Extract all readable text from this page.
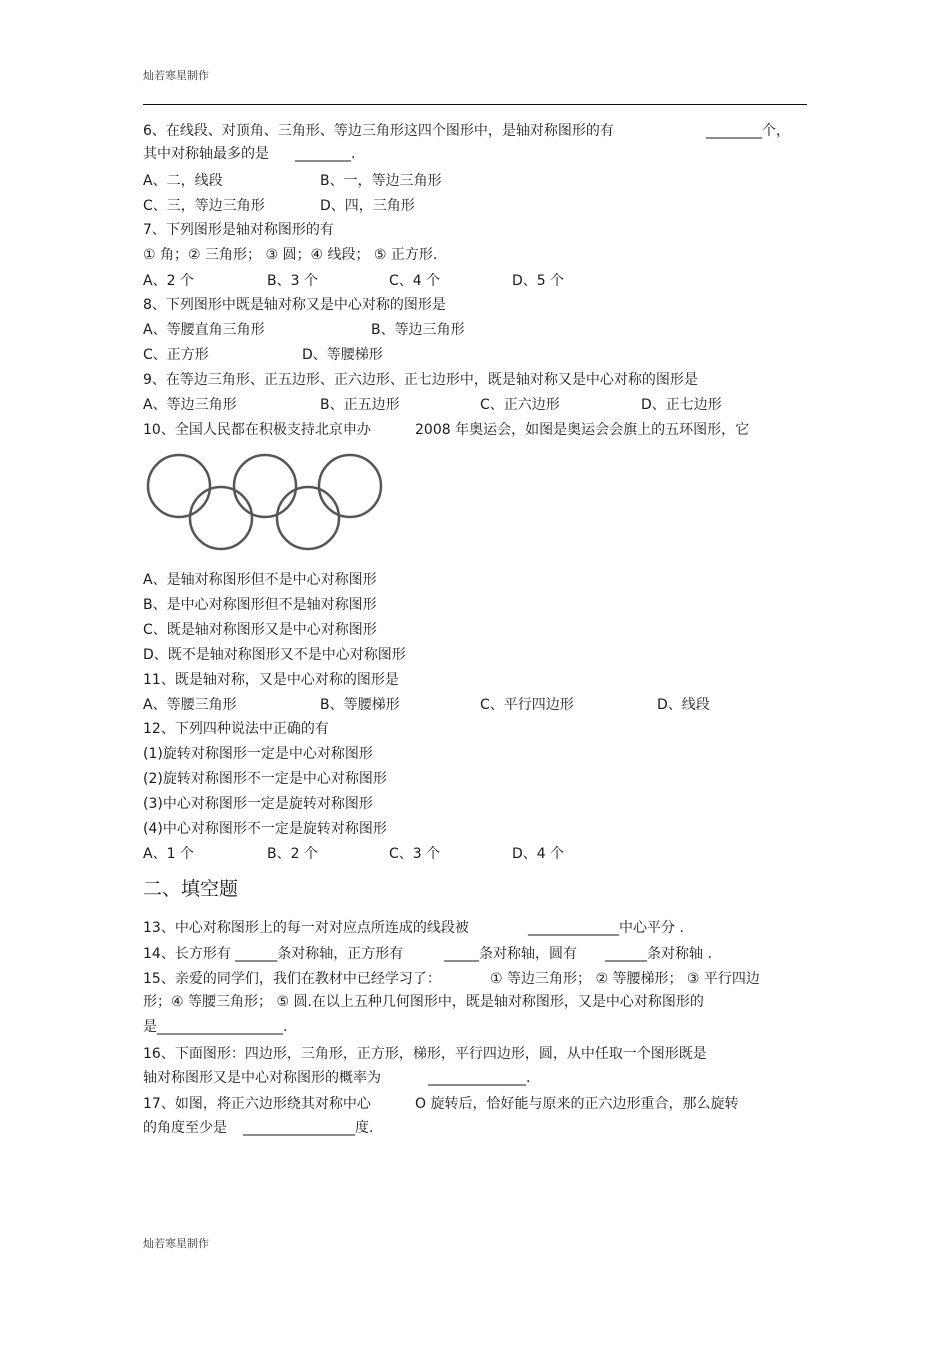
灿若寒星制作
6、在线段、对顶角、三角形、等边三角形这四个图形中，是轴对称图形的有	________个，
其中对称轴最多的是 ________.
A、二，线段	B、一，等边三角形
C、三，等边三角形	D、四，三角形
7、下列图形是轴对称图形的有
① 角；② 三角形； ③ 圆；④ 线段； ⑤ 正方形.
A、2 个	B、3 个	C、4 个	D、5 个
8、下列图形中既是轴对称又是中心对称的图形是
A、等腰直角三角形	B、等边三角形
C、正方形	D、等腰梯形
9、在等边三角形、正五边形、正六边形、正七边形中，既是轴对称又是中心对称的图形是
A、等边三角形	B、正五边形	C、正六边形	D、正七边形
10、全国人民都在积极支持北京申办	2008 年奥运会，如图是奥运会会旗上的五环图形，它
A、是轴对称图形但不是中心对称图形
B、是中心对称图形但不是轴对称图形
C、既是轴对称图形又是中心对称图形
D、既不是轴对称图形又不是中心对称图形
11、既是轴对称，又是中心对称的图形是
A、等腰三角形	B、等腰梯形	C、平行四边形	D、线段
12、下列四种说法中正确的有
(1)旋转对称图形一定是中心对称图形
(2)旋转对称图形不一定是中心对称图形
(3)中心对称图形一定是旋转对称图形
(4)中心对称图形不一定是旋转对称图形
A、1 个	B、2 个	C、3 个	D、4 个
二、填空题
13、中心对称图形上的每一对对应点所连成的线段被	_____________中心平分 .
14、长方形有 ______条对称轴，正方形有	_____条对称轴，圆有 ______条对称轴 .
15、亲爱的同学们，我们在教材中已经学习了：	① 等边三角形； ② 等腰梯形； ③ 平行四边
形；④ 等腰三角形； ⑤ 圆.在以上五种几何图形中，既是轴对称图形，又是中心对称图形的
是__________________.
16、下面图形：四边形，三角形，正方形，梯形，平行四边形，圆，从中任取一个图形既是
轴对称图形又是中心对称图形的概率为	______________.
17、如图，将正六边形绕其对称中心	O 旋转后，恰好能与原来的正六边形重合，那么旋转
的角度至少是 ________________度.
灿若寒星制作
